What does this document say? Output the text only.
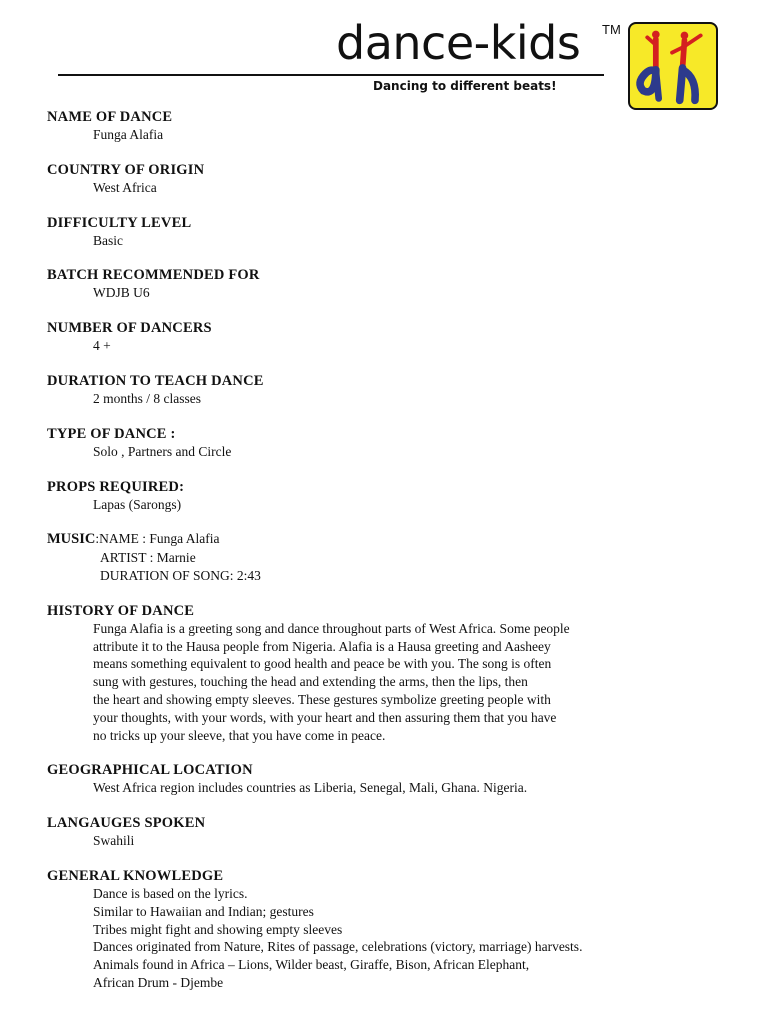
dance-kids TM
Dancing to different beats!
NAME OF DANCE
Funga Alafia
COUNTRY OF ORIGIN
West Africa
DIFFICULTY LEVEL
Basic
BATCH RECOMMENDED FOR
WDJB U6
NUMBER OF DANCERS
4 +
DURATION TO TEACH DANCE
2 months / 8 classes
TYPE OF DANCE :
Solo , Partners and Circle
PROPS REQUIRED:
Lapas (Sarongs)
MUSIC:NAME : Funga Alafia
ARTIST : Marnie
DURATION OF SONG: 2:43
HISTORY OF DANCE
Funga Alafia is a greeting song and dance throughout parts of West Africa. Some people
attribute it to the Hausa people from Nigeria. Alafia is a Hausa greeting and Aasheey
means something equivalent to good health and peace be with you. The song is often
sung with gestures, touching the head and extending the arms, then the lips, then
the heart and showing empty sleeves. These gestures symbolize greeting people with
your thoughts, with your words, with your heart and then assuring them that you have
no tricks up your sleeve, that you have come in peace.
GEOGRAPHICAL LOCATION
West Africa region includes countries as Liberia, Senegal, Mali, Ghana. Nigeria.
LANGAUGES SPOKEN
Swahili
GENERAL KNOWLEDGE
Dance is based on the lyrics.
Similar to Hawaiian and Indian; gestures
Tribes might fight and showing empty sleeves
Dances originated from Nature, Rites of passage, celebrations (victory, marriage) harvests.
Animals found in Africa – Lions, Wilder beast, Giraffe, Bison, African Elephant,
African Drum - Djembe
